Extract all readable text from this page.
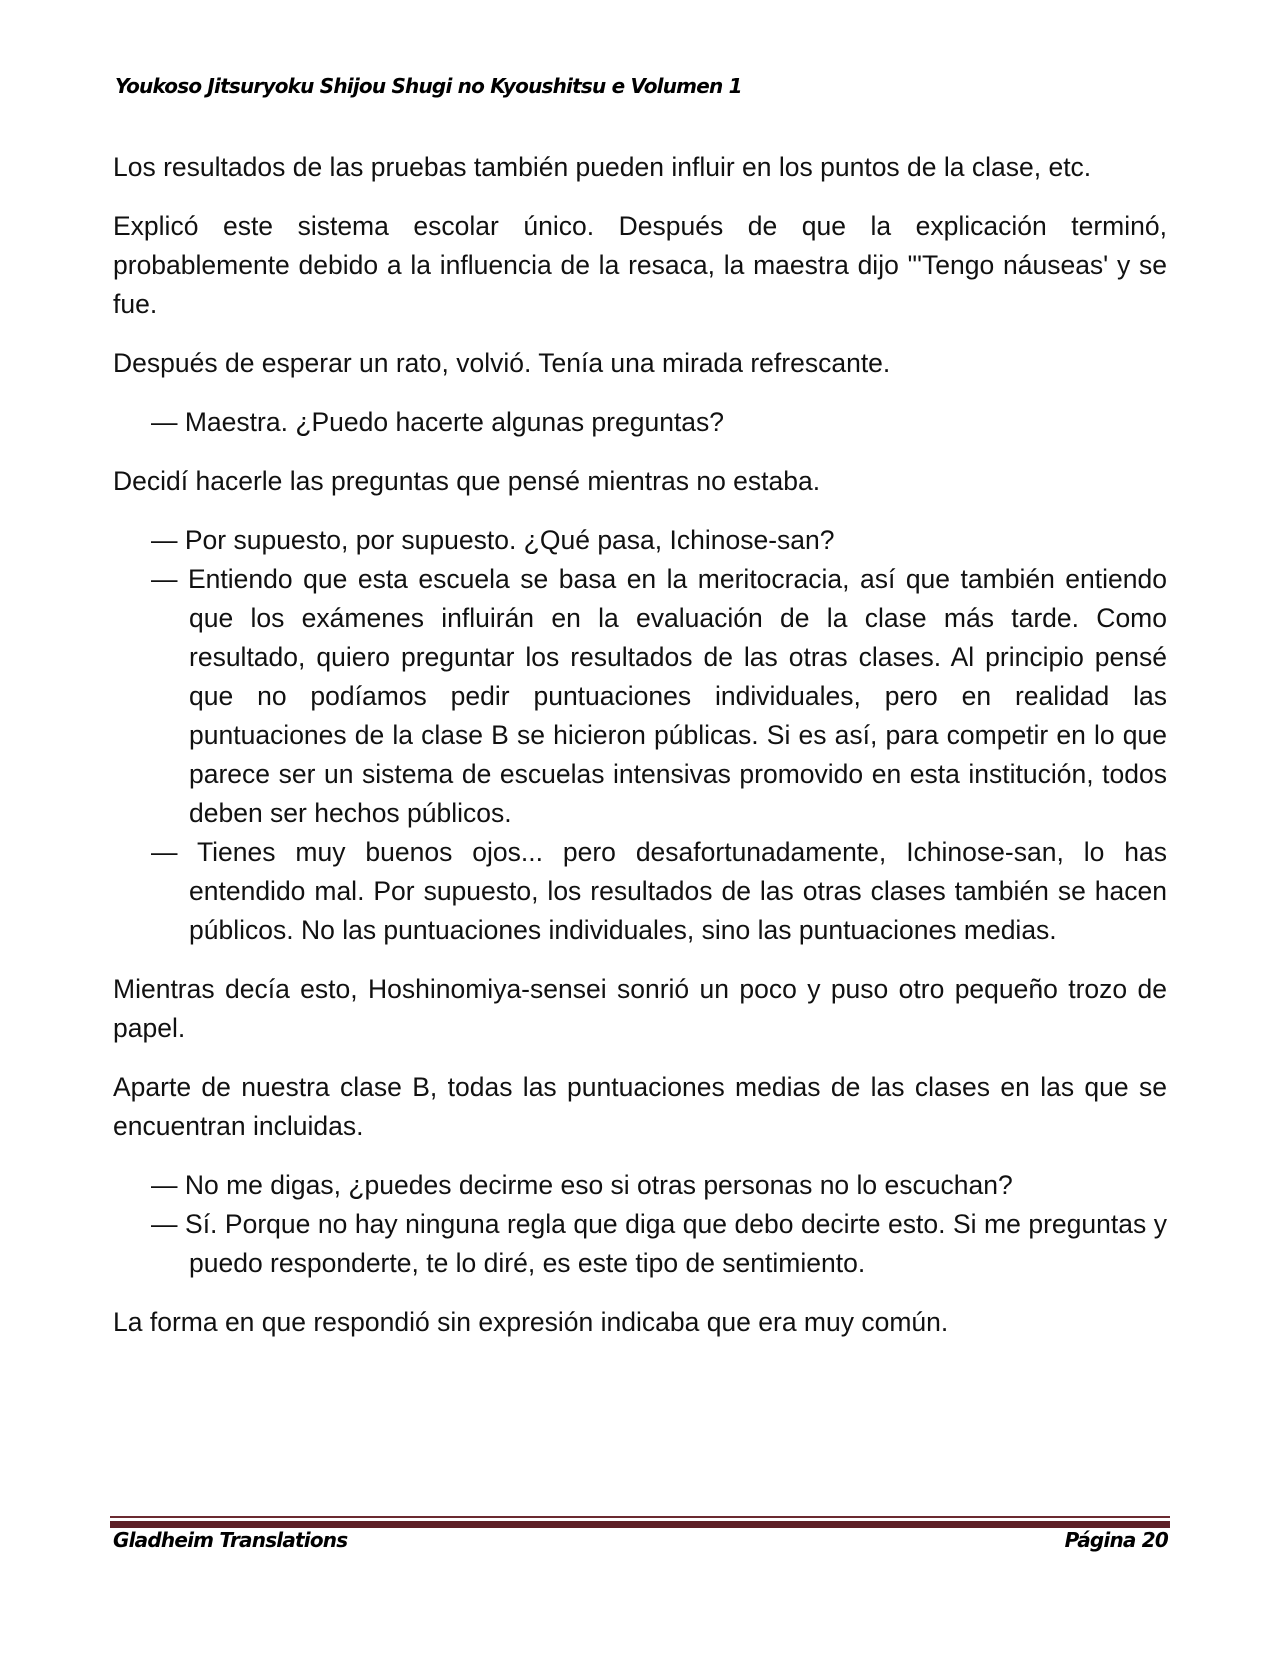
Youkoso Jitsuryoku Shijou Shugi no Kyoushitsu e Volumen 1

Los resultados de las pruebas también pueden influir en los puntos de la clase, etc.

Explicó este sistema escolar único. Después de que la explicación terminó, probablemente debido a la influencia de la resaca, la maestra dijo "'Tengo náuseas' y se fue.

Después de esperar un rato, volvió. Tenía una mirada refrescante.

— Maestra. ¿Puedo hacerte algunas preguntas?

Decidí hacerle las preguntas que pensé mientras no estaba.

— Por supuesto, por supuesto. ¿Qué pasa, Ichinose-san?
— Entiendo que esta escuela se basa en la meritocracia, así que también entiendo que los exámenes influirán en la evaluación de la clase más tarde. Como resultado, quiero preguntar los resultados de las otras clases. Al principio pensé que no podíamos pedir puntuaciones individuales, pero en realidad las puntuaciones de la clase B se hicieron públicas. Si es así, para competir en lo que parece ser un sistema de escuelas intensivas promovido en esta institución, todos deben ser hechos públicos.
— Tienes muy buenos ojos... pero desafortunadamente, Ichinose-san, lo has entendido mal. Por supuesto, los resultados de las otras clases también se hacen públicos. No las puntuaciones individuales, sino las puntuaciones medias.

Mientras decía esto, Hoshinomiya-sensei sonrió un poco y puso otro pequeño trozo de papel.

Aparte de nuestra clase B, todas las puntuaciones medias de las clases en las que se encuentran incluidas.

— No me digas, ¿puedes decirme eso si otras personas no lo escuchan?
— Sí. Porque no hay ninguna regla que diga que debo decirte esto. Si me preguntas y puedo responderte, te lo diré, es este tipo de sentimiento.

La forma en que respondió sin expresión indicaba que era muy común.

Gladheim Translations	Página 20
